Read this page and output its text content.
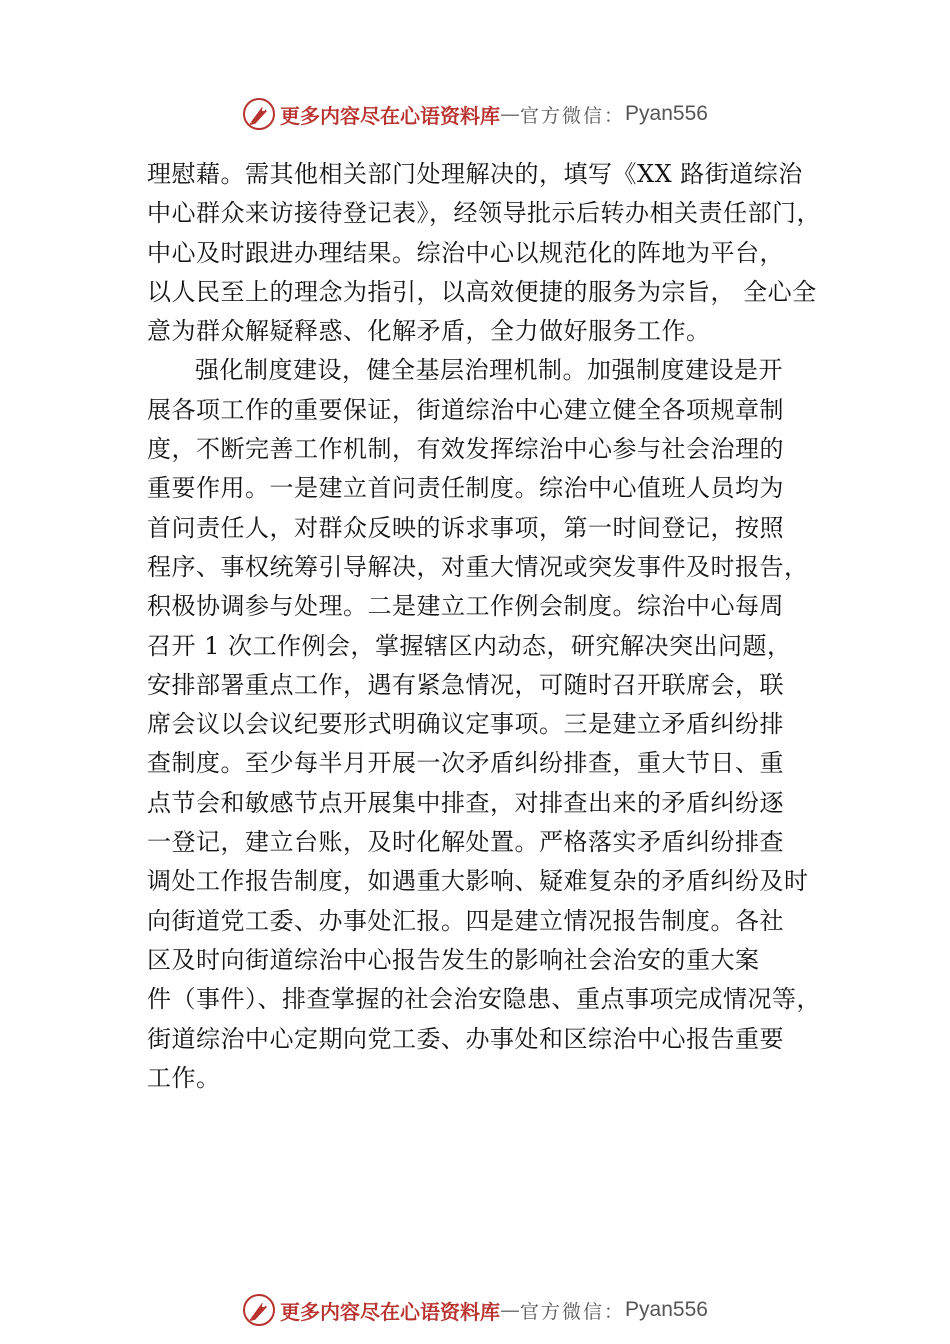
更多内容尽在心语资料库 — 官方微信： Pyan556
理慰藉。需其他相关部门处理解决的，填写《XX 路街道综治
中心群众来访接待登记表》，经领导批示后转办相关责任部门，
中心及时跟进办理结果。综治中心以规范化的阵地为平台，
以人民至上的理念为指引，以高效便捷的服务为宗旨， 全心全
意为群众解疑释惑、化解矛盾，全力做好服务工作。
强化制度建设，健全基层治理机制。加强制度建设是开
展各项工作的重要保证，街道综治中心建立健全各项规章制
度，不断完善工作机制，有效发挥综治中心参与社会治理的
重要作用。一是建立首问责任制度。综治中心值班人员均为
首问责任人，对群众反映的诉求事项，第一时间登记，按照
程序、事权统筹引导解决，对重大情况或突发事件及时报告，
积极协调参与处理。二是建立工作例会制度。综治中心每周
召开 1 次工作例会，掌握辖区内动态，研究解决突出问题，
安排部署重点工作，遇有紧急情况，可随时召开联席会，联
席会议以会议纪要形式明确议定事项。三是建立矛盾纠纷排
查制度。至少每半月开展一次矛盾纠纷排查，重大节日、重
点节会和敏感节点开展集中排查，对排查出来的矛盾纠纷逐
一登记，建立台账，及时化解处置。严格落实矛盾纠纷排查
调处工作报告制度，如遇重大影响、疑难复杂的矛盾纠纷及时
向街道党工委、办事处汇报。四是建立情况报告制度。各社
区及时向街道综治中心报告发生的影响社会治安的重大案
件（事件）、排查掌握的社会治安隐患、重点事项完成情况等，
街道综治中心定期向党工委、办事处和区综治中心报告重要
工作。
更多内容尽在心语资料库 — 官方微信： Pyan556
